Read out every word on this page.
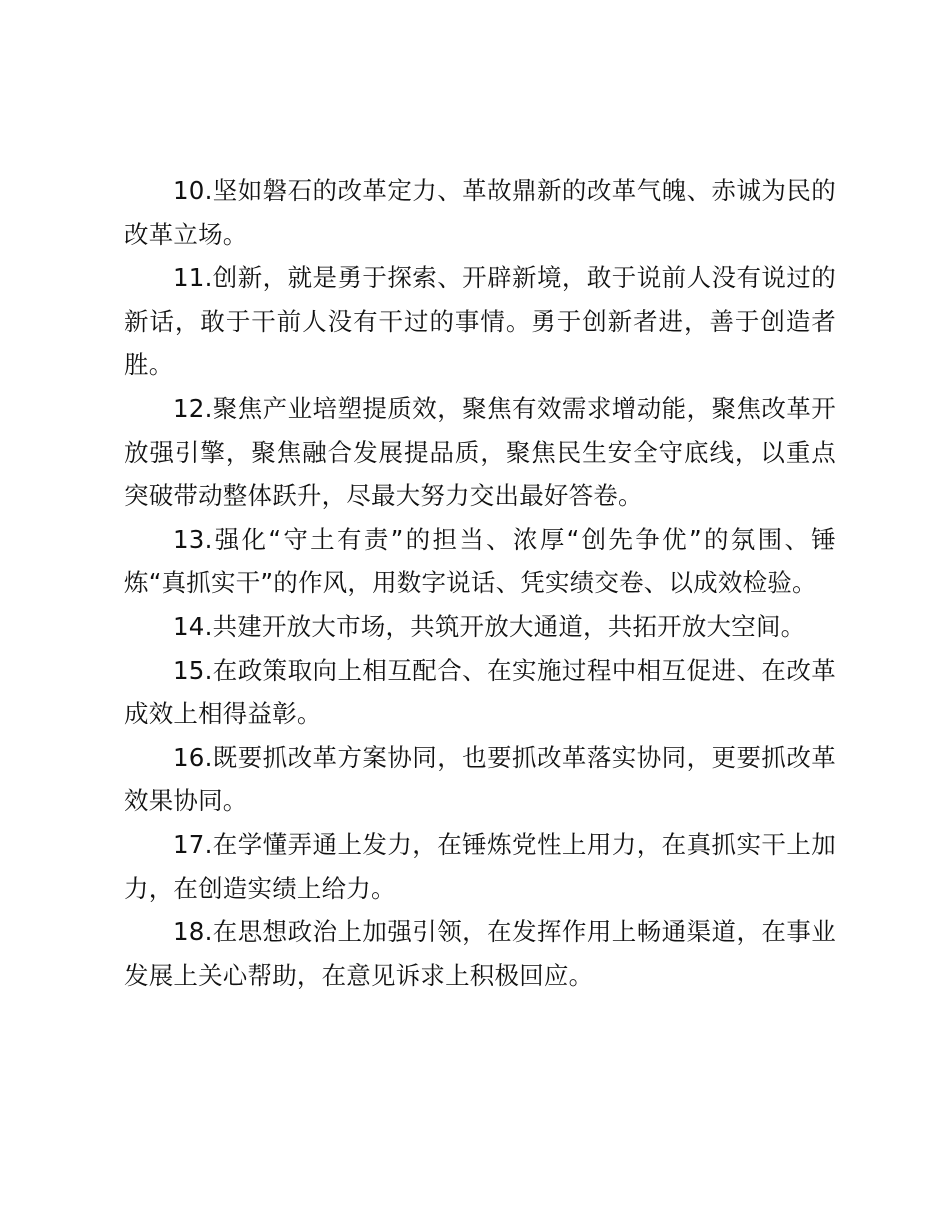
10.坚如磐石的改革定力、革故鼎新的改革气魄、赤诚为民的改革立场。

11.创新，就是勇于探索、开辟新境，敢于说前人没有说过的新话，敢于干前人没有干过的事情。勇于创新者进，善于创造者胜。

12.聚焦产业培塑提质效，聚焦有效需求增动能，聚焦改革开放强引擎，聚焦融合发展提品质，聚焦民生安全守底线，以重点突破带动整体跃升，尽最大努力交出最好答卷。

13.强化“守土有责”的担当、浓厚“创先争优”的氛围、锤炼“真抓实干”的作风，用数字说话、凭实绩交卷、以成效检验。

14.共建开放大市场，共筑开放大通道，共拓开放大空间。

15.在政策取向上相互配合、在实施过程中相互促进、在改革成效上相得益彰。

16.既要抓改革方案协同，也要抓改革落实协同，更要抓改革效果协同。

17.在学懂弄通上发力，在锤炼党性上用力，在真抓实干上加力，在创造实绩上给力。

18.在思想政治上加强引领，在发挥作用上畅通渠道，在事业发展上关心帮助，在意见诉求上积极回应。
